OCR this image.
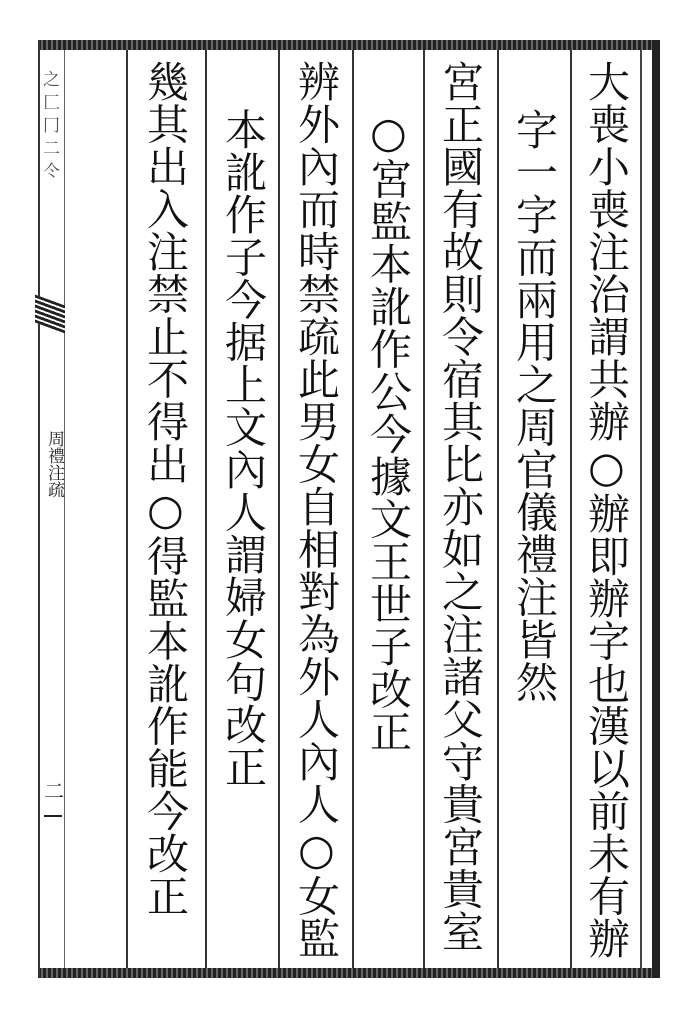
之匚冂二仒
周禮注疏
二	大喪小喪注治謂共辦○辦即辦字也漢以前未有辦
字一字而兩用之周官儀禮注皆然
宮正國有故則令宿其比亦如之注諸父守貴宮貴室
○宮監本訛作公今據文王世子改正
辨外內而時禁疏此男女自相對為外人內人○女監
本訛作子今据上文內人謂婦女句改正
幾其出入注禁止不得出○得監本訛作能今改正
